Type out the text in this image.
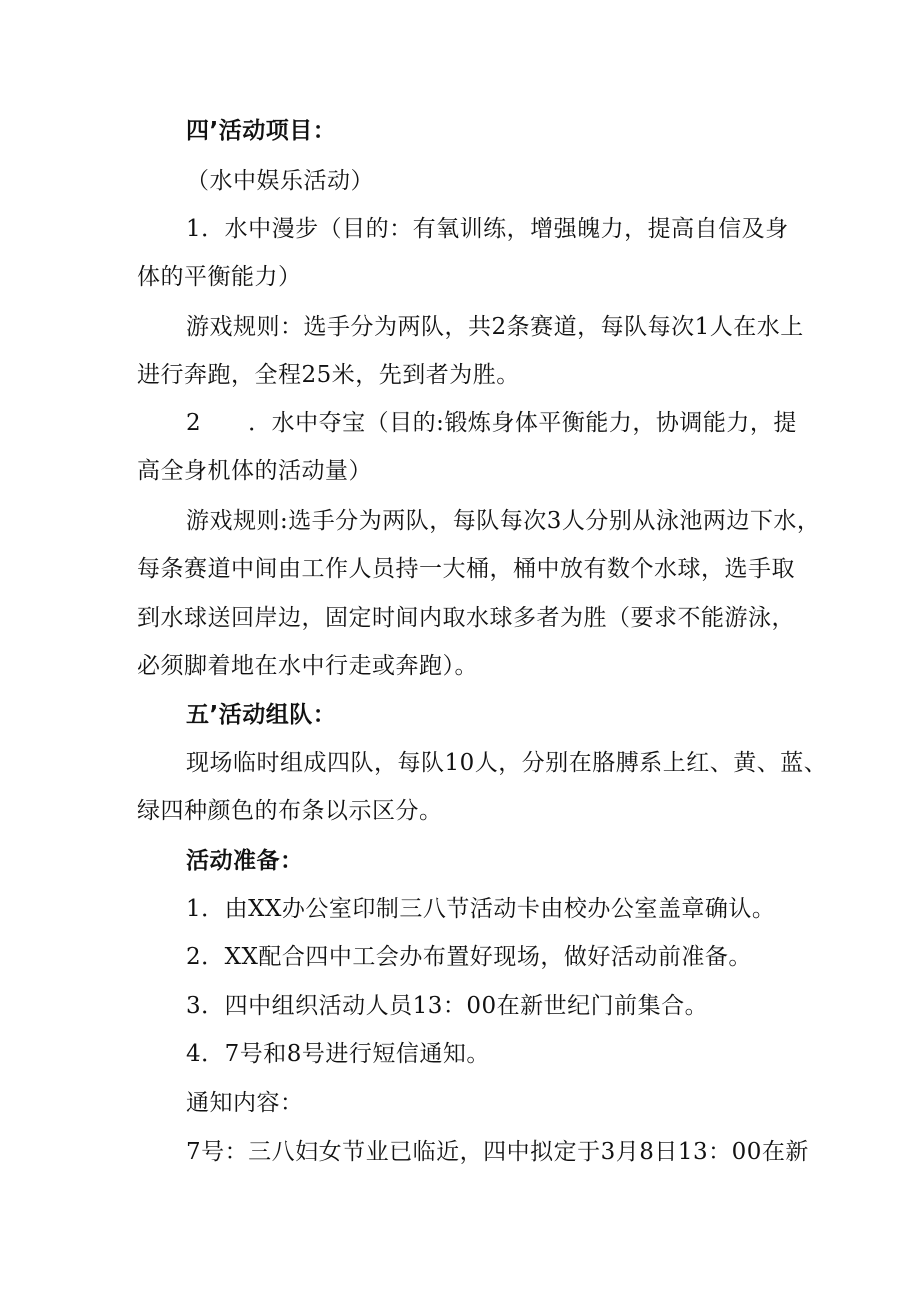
四’活动项目：
（水中娱乐活动）
1．水中漫步（目的：有氧训练，增强魄力，提高自信及身
体的平衡能力）
游戏规则：选手分为两队，共2条赛道，每队每次1人在水上
进行奔跑，全程25米，先到者为胜。
2　　．水中夺宝（目的:锻炼身体平衡能力，协调能力，提
高全身机体的活动量）
游戏规则:选手分为两队，每队每次3人分别从泳池两边下水，
每条赛道中间由工作人员持一大桶，桶中放有数个水球，选手取
到水球送回岸边，固定时间内取水球多者为胜（要求不能游泳，
必须脚着地在水中行走或奔跑）。
五’活动组队：
现场临时组成四队，每队10人，分别在胳膊系上红、黄、蓝、
绿四种颜色的布条以示区分。
活动准备：
1．由XX办公室印制三八节活动卡由校办公室盖章确认。
2．XX配合四中工会办布置好现场，做好活动前准备。
3．四中组织活动人员13：00在新世纪门前集合。
4．7号和8号进行短信通知。
通知内容：
7号：三八妇女节业已临近，四中拟定于3月8日13：00在新
